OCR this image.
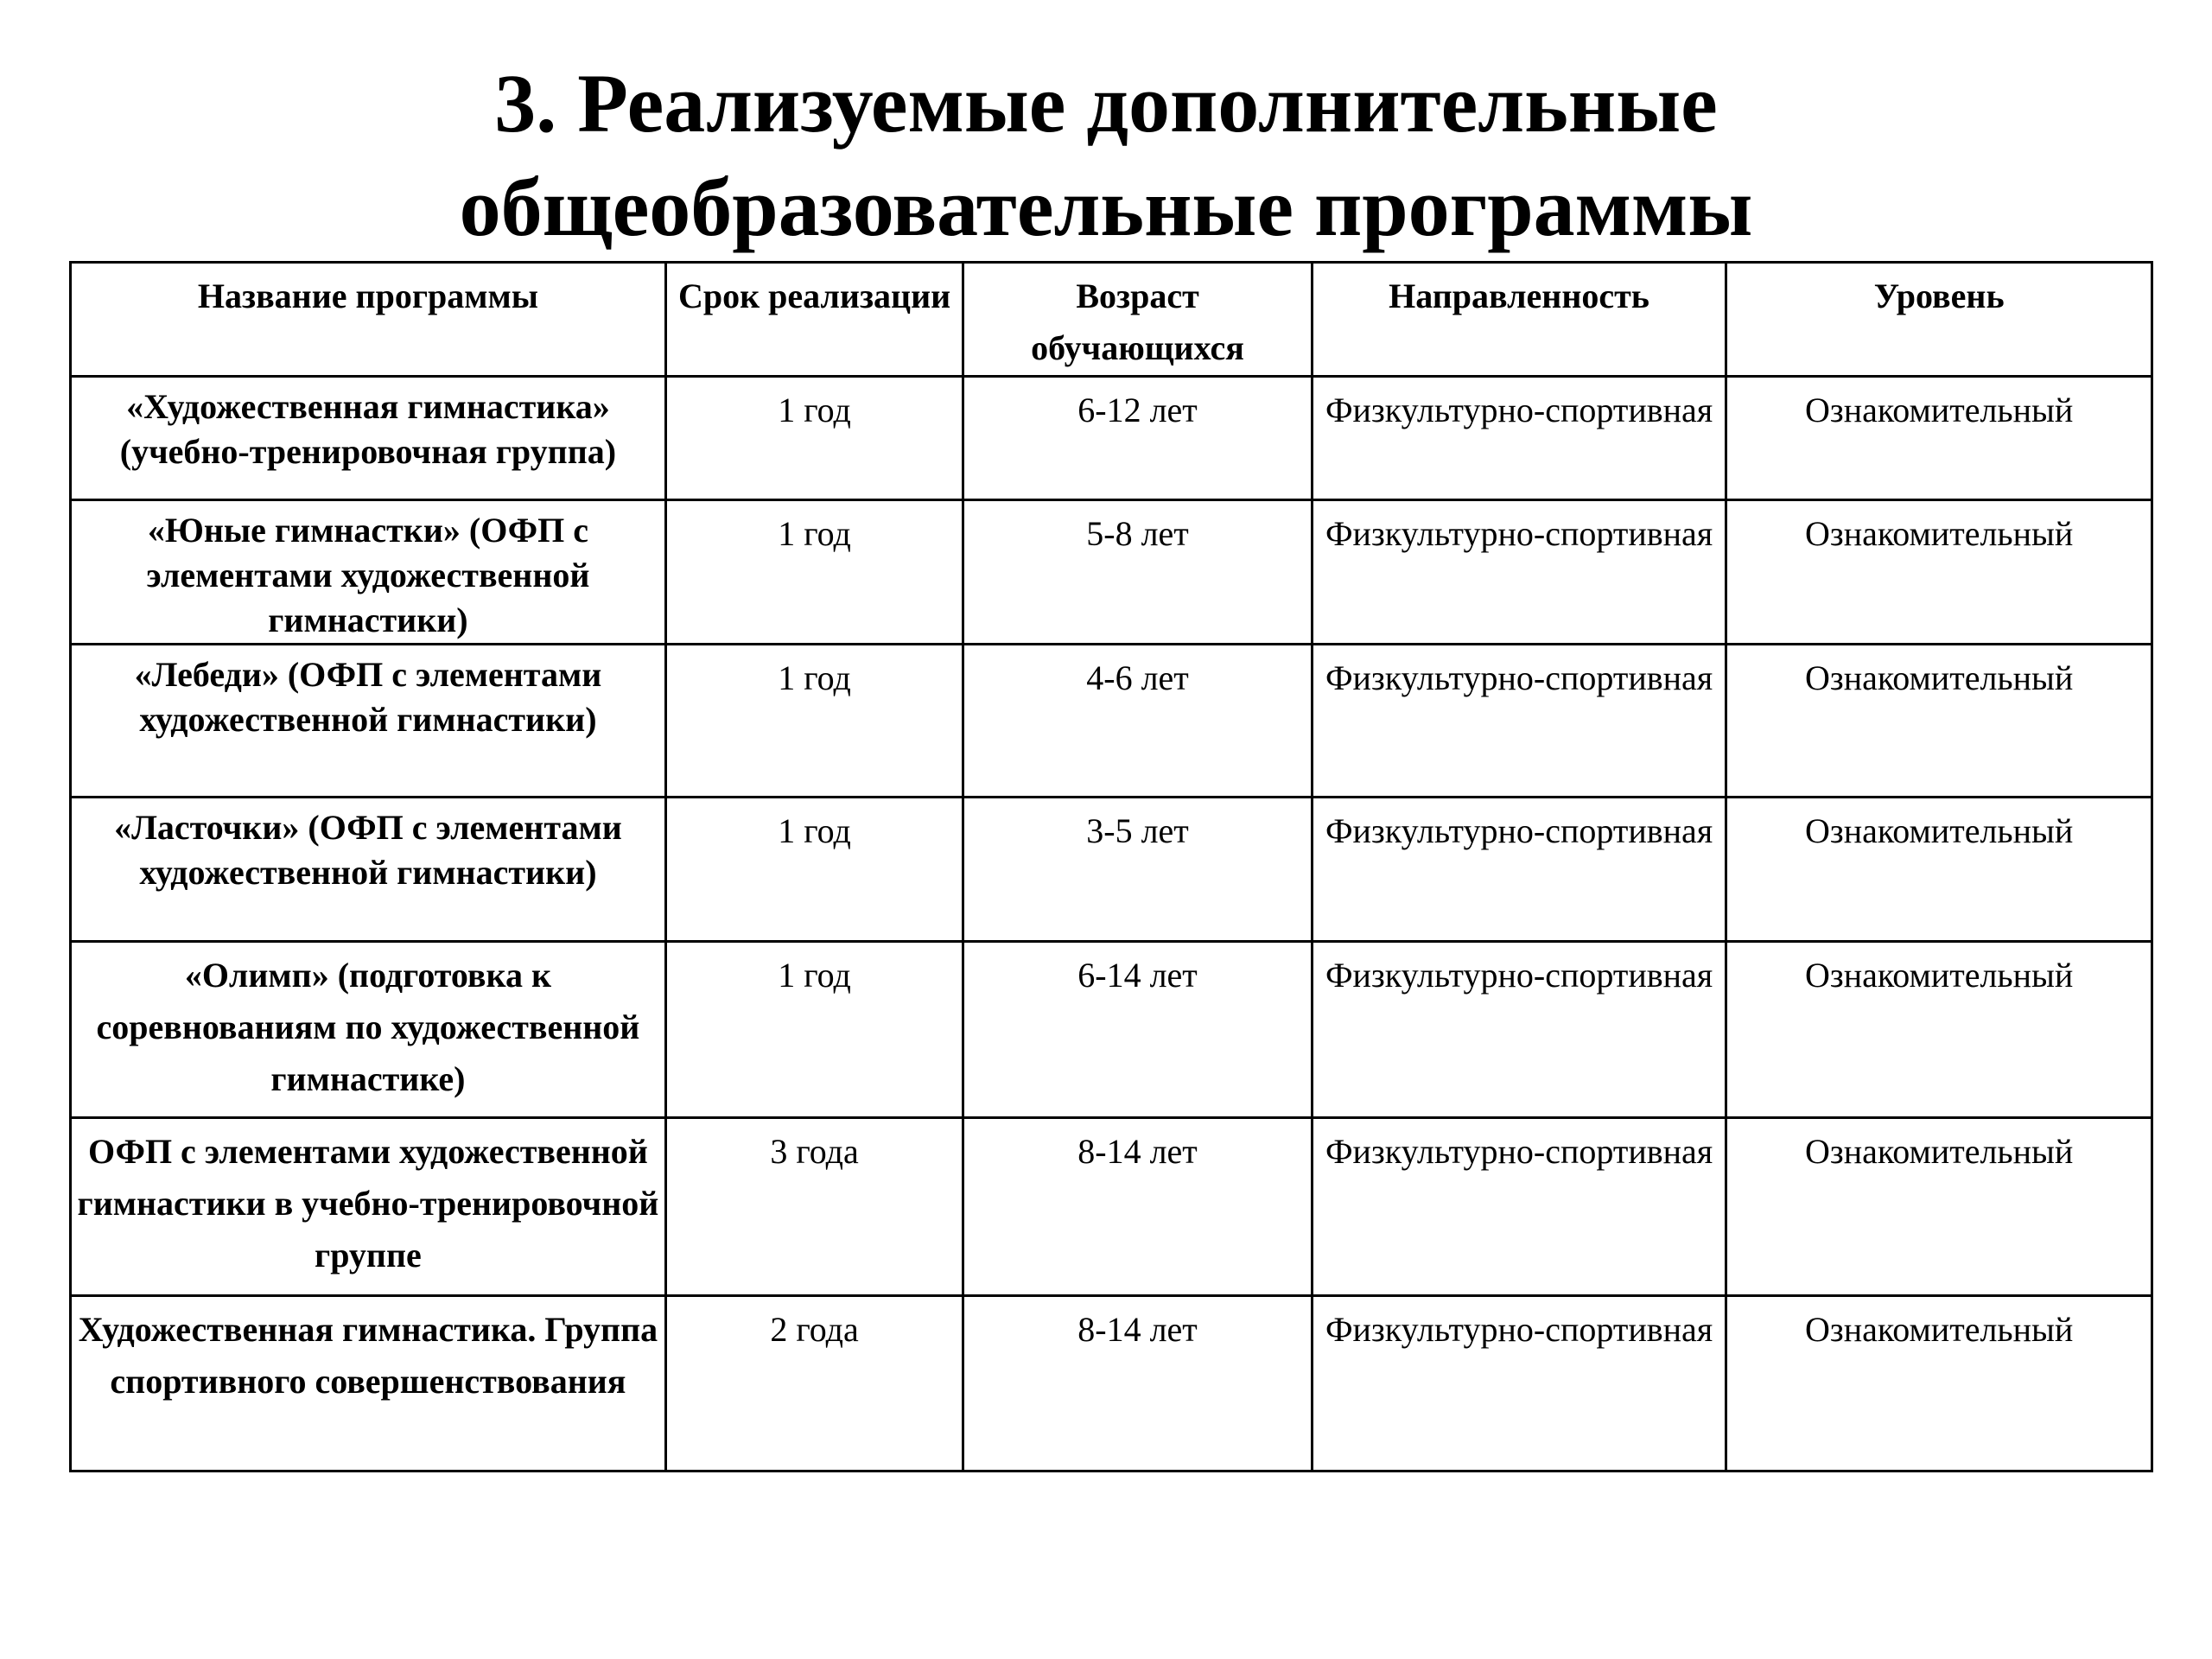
3. Реализуемые дополнительные
общеобразовательные программы
Название программы	Срок реализации	Возраст обучающихся	Направленность	Уровень
«Художественная гимнастика» (учебно-тренировочная группа)	1 год	6-12 лет	Физкультурно-спортивная	Ознакомительный
«Юные гимнастки» (ОФП с элементами художественной гимнастики)	1 год	5-8 лет	Физкультурно-спортивная	Ознакомительный
«Лебеди» (ОФП с элементами художественной гимнастики)	1 год	4-6 лет	Физкультурно-спортивная	Ознакомительный
«Ласточки» (ОФП с элементами художественной гимнастики)	1 год	3-5 лет	Физкультурно-спортивная	Ознакомительный
«Олимп» (подготовка к соревнованиям по художественной гимнастике)	1 год	6-14 лет	Физкультурно-спортивная	Ознакомительный
ОФП с элементами художественной гимнастики в учебно-тренировочной группе	3 года	8-14 лет	Физкультурно-спортивная	Ознакомительный
Художественная гимнастика. Группа спортивного совершенствования	2 года	8-14 лет	Физкультурно-спортивная	Ознакомительный
